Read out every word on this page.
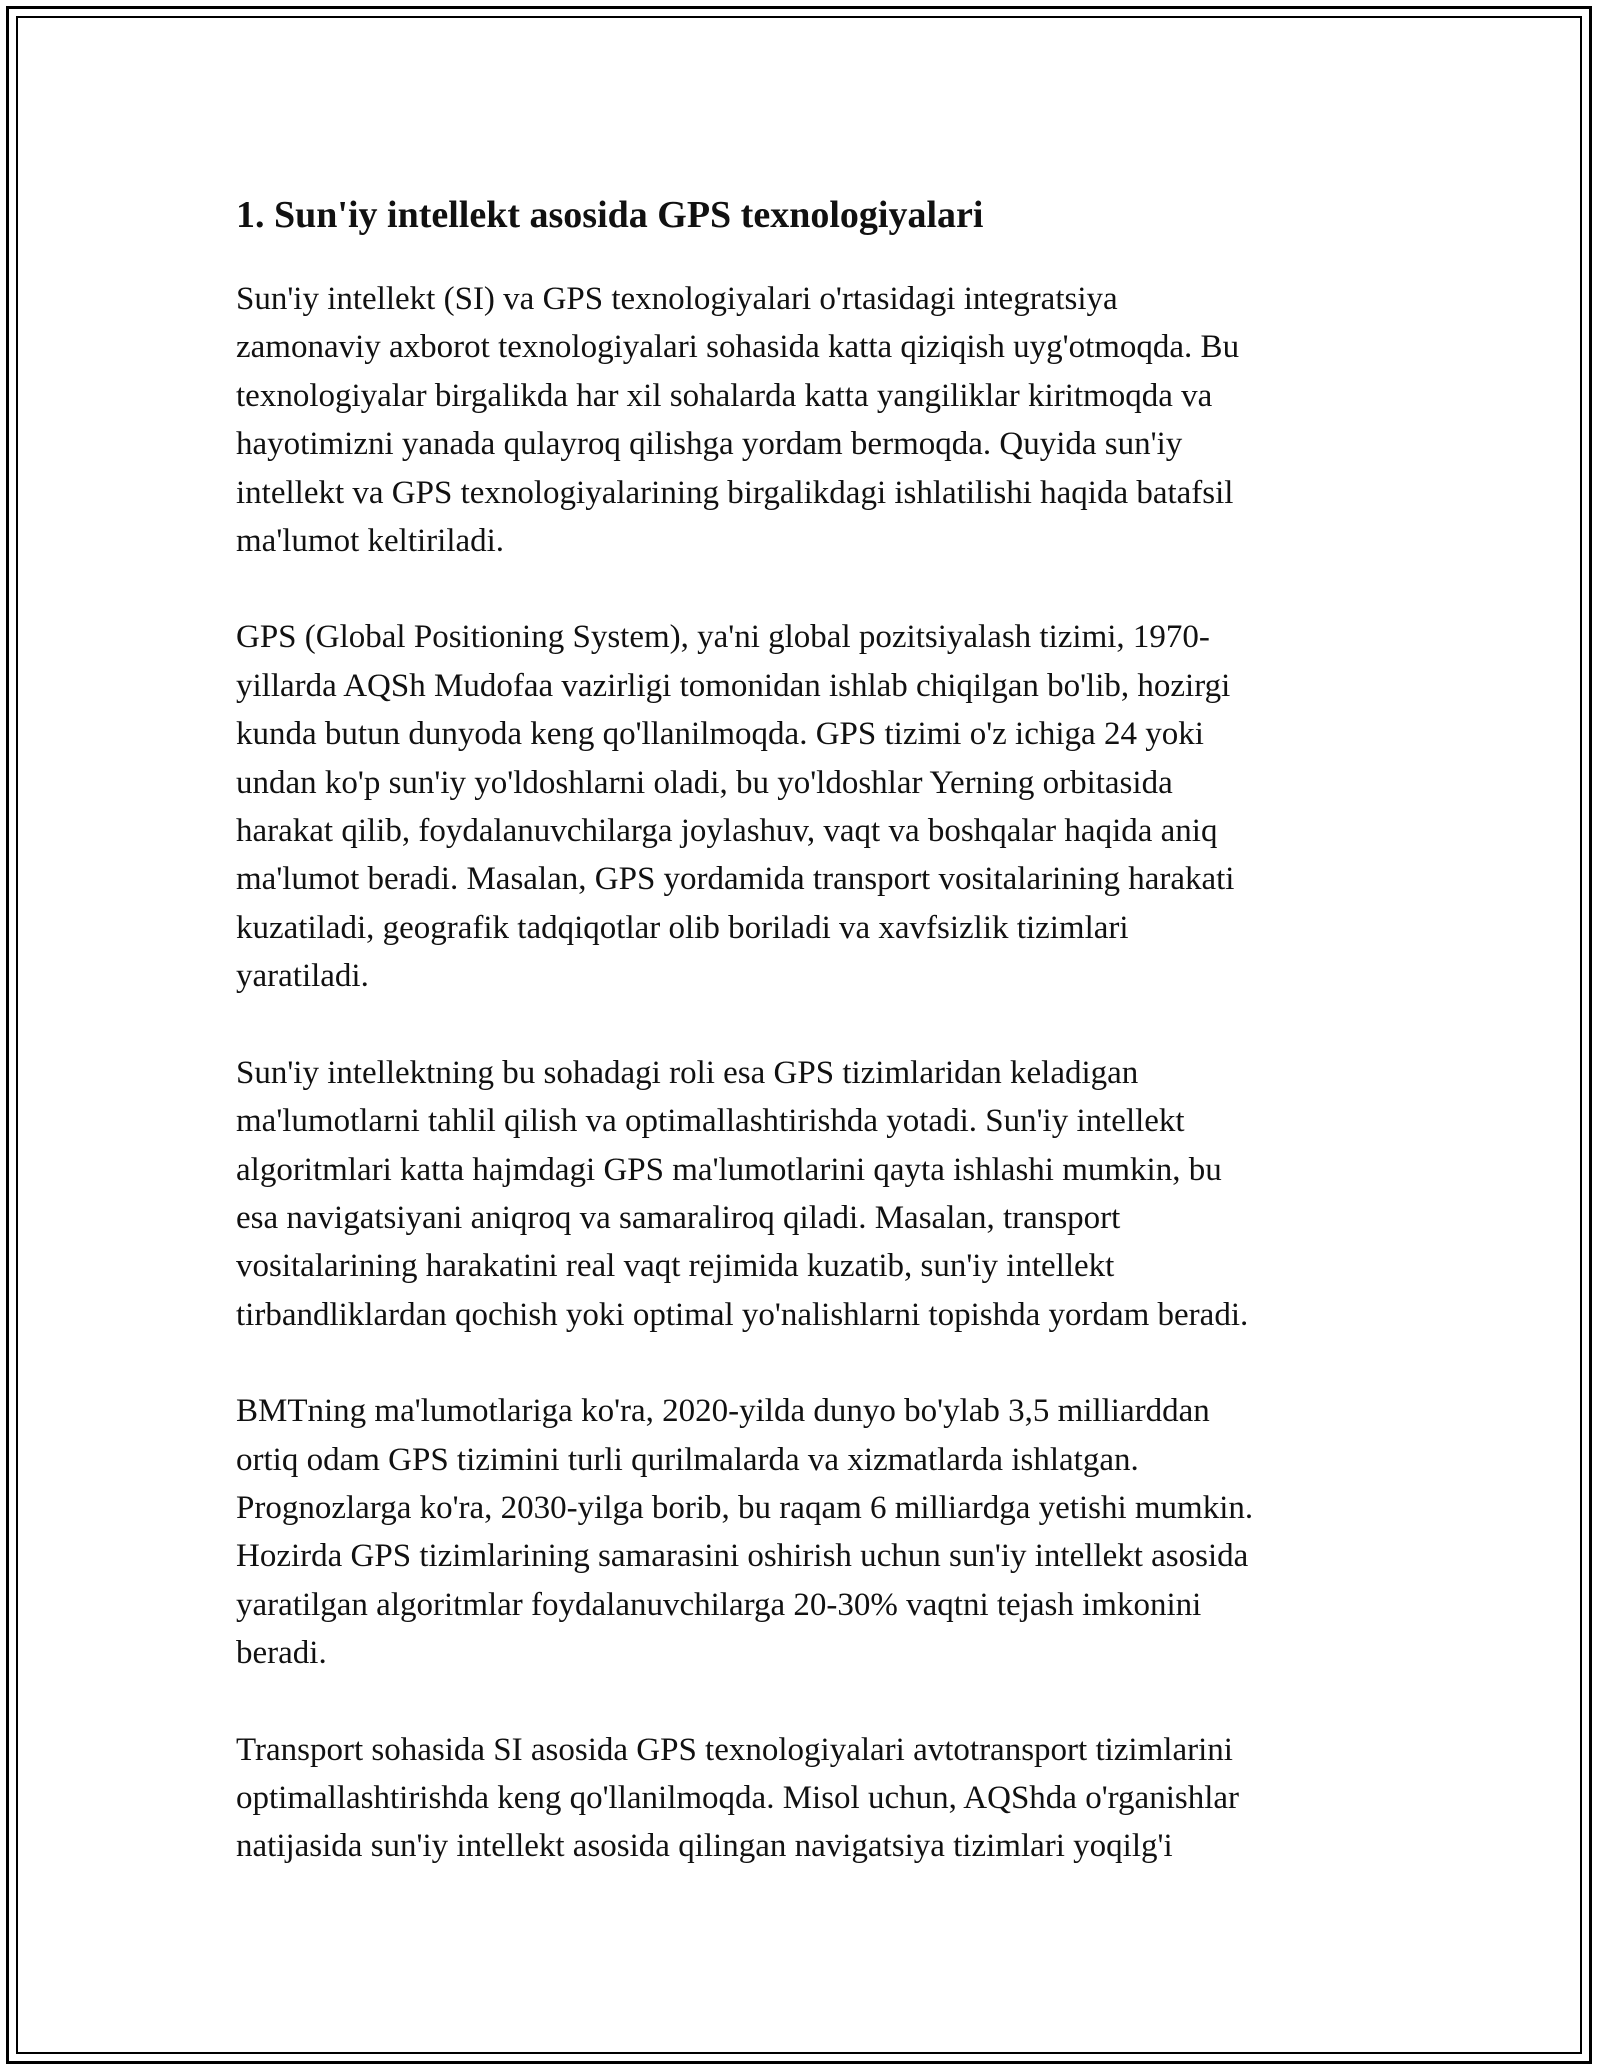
1. Sun'iy intellekt asosida GPS texnologiyalari

Sun'iy intellekt (SI) va GPS texnologiyalari o'rtasidagi integratsiya
zamonaviy axborot texnologiyalari sohasida katta qiziqish uyg'otmoqda. Bu
texnologiyalar birgalikda har xil sohalarda katta yangiliklar kiritmoqda va
hayotimizni yanada qulayroq qilishga yordam bermoqda. Quyida sun'iy
intellekt va GPS texnologiyalarining birgalikdagi ishlatilishi haqida batafsil
ma'lumot keltiriladi.

GPS (Global Positioning System), ya'ni global pozitsiyalash tizimi, 1970-
yillarda AQSh Mudofaa vazirligi tomonidan ishlab chiqilgan bo'lib, hozirgi
kunda butun dunyoda keng qo'llanilmoqda. GPS tizimi o'z ichiga 24 yoki
undan ko'p sun'iy yo'ldoshlarni oladi, bu yo'ldoshlar Yerning orbitasida
harakat qilib, foydalanuvchilarga joylashuv, vaqt va boshqalar haqida aniq
ma'lumot beradi. Masalan, GPS yordamida transport vositalarining harakati
kuzatiladi, geografik tadqiqotlar olib boriladi va xavfsizlik tizimlari
yaratiladi.

Sun'iy intellektning bu sohadagi roli esa GPS tizimlaridan keladigan
ma'lumotlarni tahlil qilish va optimallashtirishda yotadi. Sun'iy intellekt
algoritmlari katta hajmdagi GPS ma'lumotlarini qayta ishlashi mumkin, bu
esa navigatsiyani aniqroq va samaraliroq qiladi. Masalan, transport
vositalarining harakatini real vaqt rejimida kuzatib, sun'iy intellekt
tirbandliklardan qochish yoki optimal yo'nalishlarni topishda yordam beradi.

BMTning ma'lumotlariga ko'ra, 2020-yilda dunyo bo'ylab 3,5 milliarddan
ortiq odam GPS tizimini turli qurilmalarda va xizmatlarda ishlatgan.
Prognozlarga ko'ra, 2030-yilga borib, bu raqam 6 milliardga yetishi mumkin.
Hozirda GPS tizimlarining samarasini oshirish uchun sun'iy intellekt asosida
yaratilgan algoritmlar foydalanuvchilarga 20-30% vaqtni tejash imkonini
beradi.

Transport sohasida SI asosida GPS texnologiyalari avtotransport tizimlarini
optimallashtirishda keng qo'llanilmoqda. Misol uchun, AQShda o'rganishlar
natijasida sun'iy intellekt asosida qilingan navigatsiya tizimlari yoqilg'i
